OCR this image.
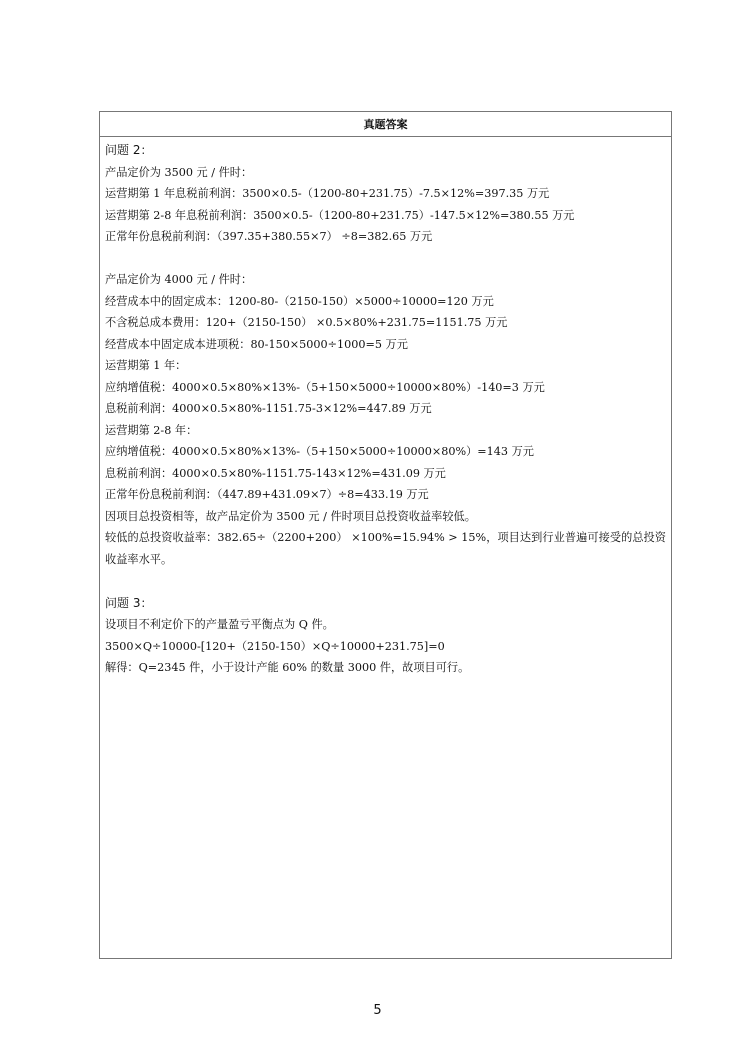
真题答案
问题 2：
产品定价为 3500 元 / 件时：
运营期第 1 年息税前利润：3500×0.5-（1200-80+231.75）-7.5×12%=397.35 万元
运营期第 2-8 年息税前利润：3500×0.5-（1200-80+231.75）-147.5×12%=380.55 万元
正常年份息税前利润：（397.35+380.55×7） ÷8=382.65 万元
产品定价为 4000 元 / 件时：
经营成本中的固定成本：1200-80-（2150-150）×5000÷10000=120 万元
不含税总成本费用：120+（2150-150） ×0.5×80%+231.75=1151.75 万元
经营成本中固定成本进项税：80-150×5000÷1000=5 万元
运营期第 1 年：
应纳增值税：4000×0.5×80%×13%-（5+150×5000÷10000×80%）-140=3 万元
息税前利润：4000×0.5×80%-1151.75-3×12%=447.89 万元
运营期第 2-8 年：
应纳增值税：4000×0.5×80%×13%-（5+150×5000÷10000×80%）=143 万元
息税前利润：4000×0.5×80%-1151.75-143×12%=431.09 万元
正常年份息税前利润：（447.89+431.09×7）÷8=433.19 万元
因项目总投资相等，故产品定价为 3500 元 / 件时项目总投资收益率较低。
较低的总投资收益率：382.65÷（2200+200） ×100%=15.94% > 15%，项目达到行业普遍可接受的总投资收益率水平。
问题 3：
设项目不利定价下的产量盈亏平衡点为 Q 件。
3500×Q÷10000-[120+（2150-150）×Q÷10000+231.75]=0
解得：Q=2345 件，小于设计产能 60% 的数量 3000 件，故项目可行。
5
